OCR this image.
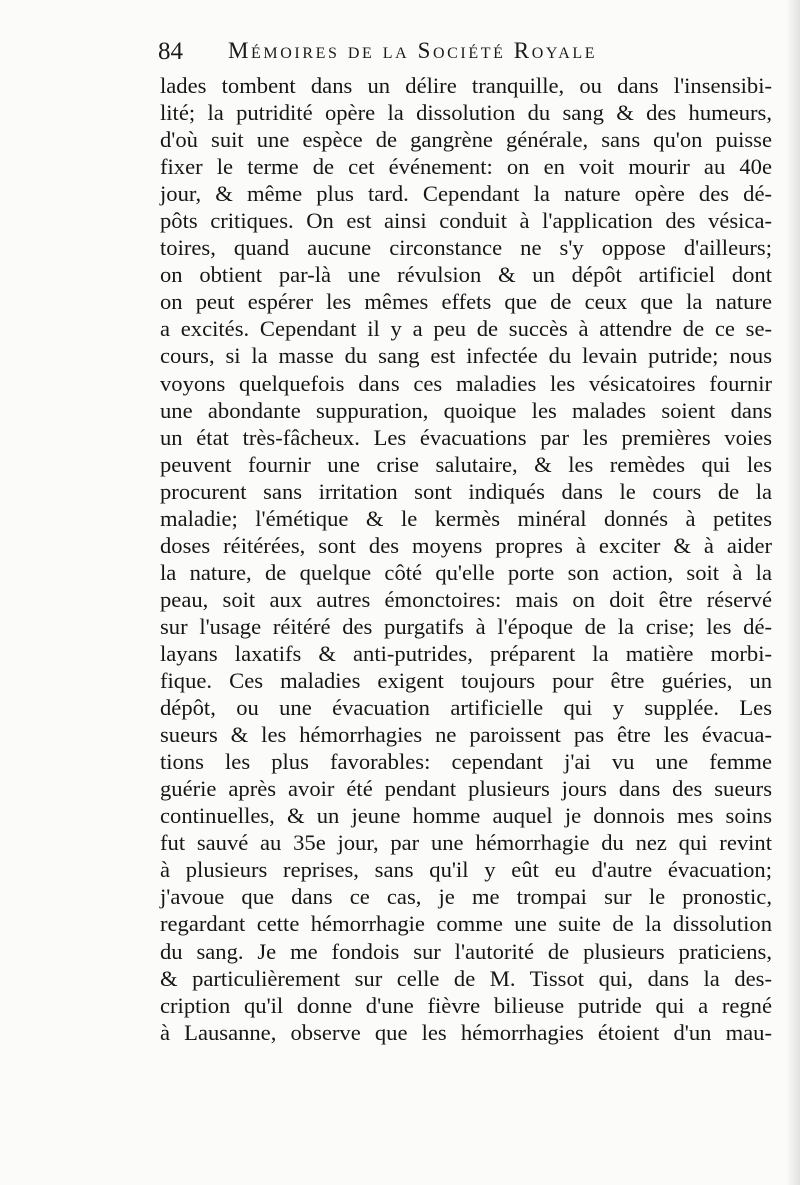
84 Mémoires de la Société Royale
lades tombent dans un délire tranquille, ou dans l'insensibi-
lité; la putridité opère la dissolution du sang & des humeurs,
d'où suit une espèce de gangrène générale, sans qu'on puisse
fixer le terme de cet événement: on en voit mourir au 40e
jour, & même plus tard. Cependant la nature opère des dé-
pôts critiques. On est ainsi conduit à l'application des vésica-
toires, quand aucune circonstance ne s'y oppose d'ailleurs;
on obtient par-là une révulsion & un dépôt artificiel dont
on peut espérer les mêmes effets que de ceux que la nature
a excités. Cependant il y a peu de succès à attendre de ce se-
cours, si la masse du sang est infectée du levain putride; nous
voyons quelquefois dans ces maladies les vésicatoires fournir
une abondante suppuration, quoique les malades soient dans
un état très-fâcheux. Les évacuations par les premières voies
peuvent fournir une crise salutaire, & les remèdes qui les
procurent sans irritation sont indiqués dans le cours de la
maladie; l'émétique & le kermès minéral donnés à petites
doses réitérées, sont des moyens propres à exciter & à aider
la nature, de quelque côté qu'elle porte son action, soit à la
peau, soit aux autres émonctoires: mais on doit être réservé
sur l'usage réitéré des purgatifs à l'époque de la crise; les dé-
layans laxatifs & anti-putrides, préparent la matière morbi-
fique. Ces maladies exigent toujours pour être guéries, un
dépôt, ou une évacuation artificielle qui y supplée. Les
sueurs & les hémorrhagies ne paroissent pas être les évacua-
tions les plus favorables: cependant j'ai vu une femme
guérie après avoir été pendant plusieurs jours dans des sueurs
continuelles, & un jeune homme auquel je donnois mes soins
fut sauvé au 35e jour, par une hémorrhagie du nez qui revint
à plusieurs reprises, sans qu'il y eût eu d'autre évacuation;
j'avoue que dans ce cas, je me trompai sur le pronostic,
regardant cette hémorrhagie comme une suite de la dissolution
du sang. Je me fondois sur l'autorité de plusieurs praticiens,
& particulièrement sur celle de M. Tissot qui, dans la des-
cription qu'il donne d'une fièvre bilieuse putride qui a regné
à Lausanne, observe que les hémorrhagies étoient d'un mau-
